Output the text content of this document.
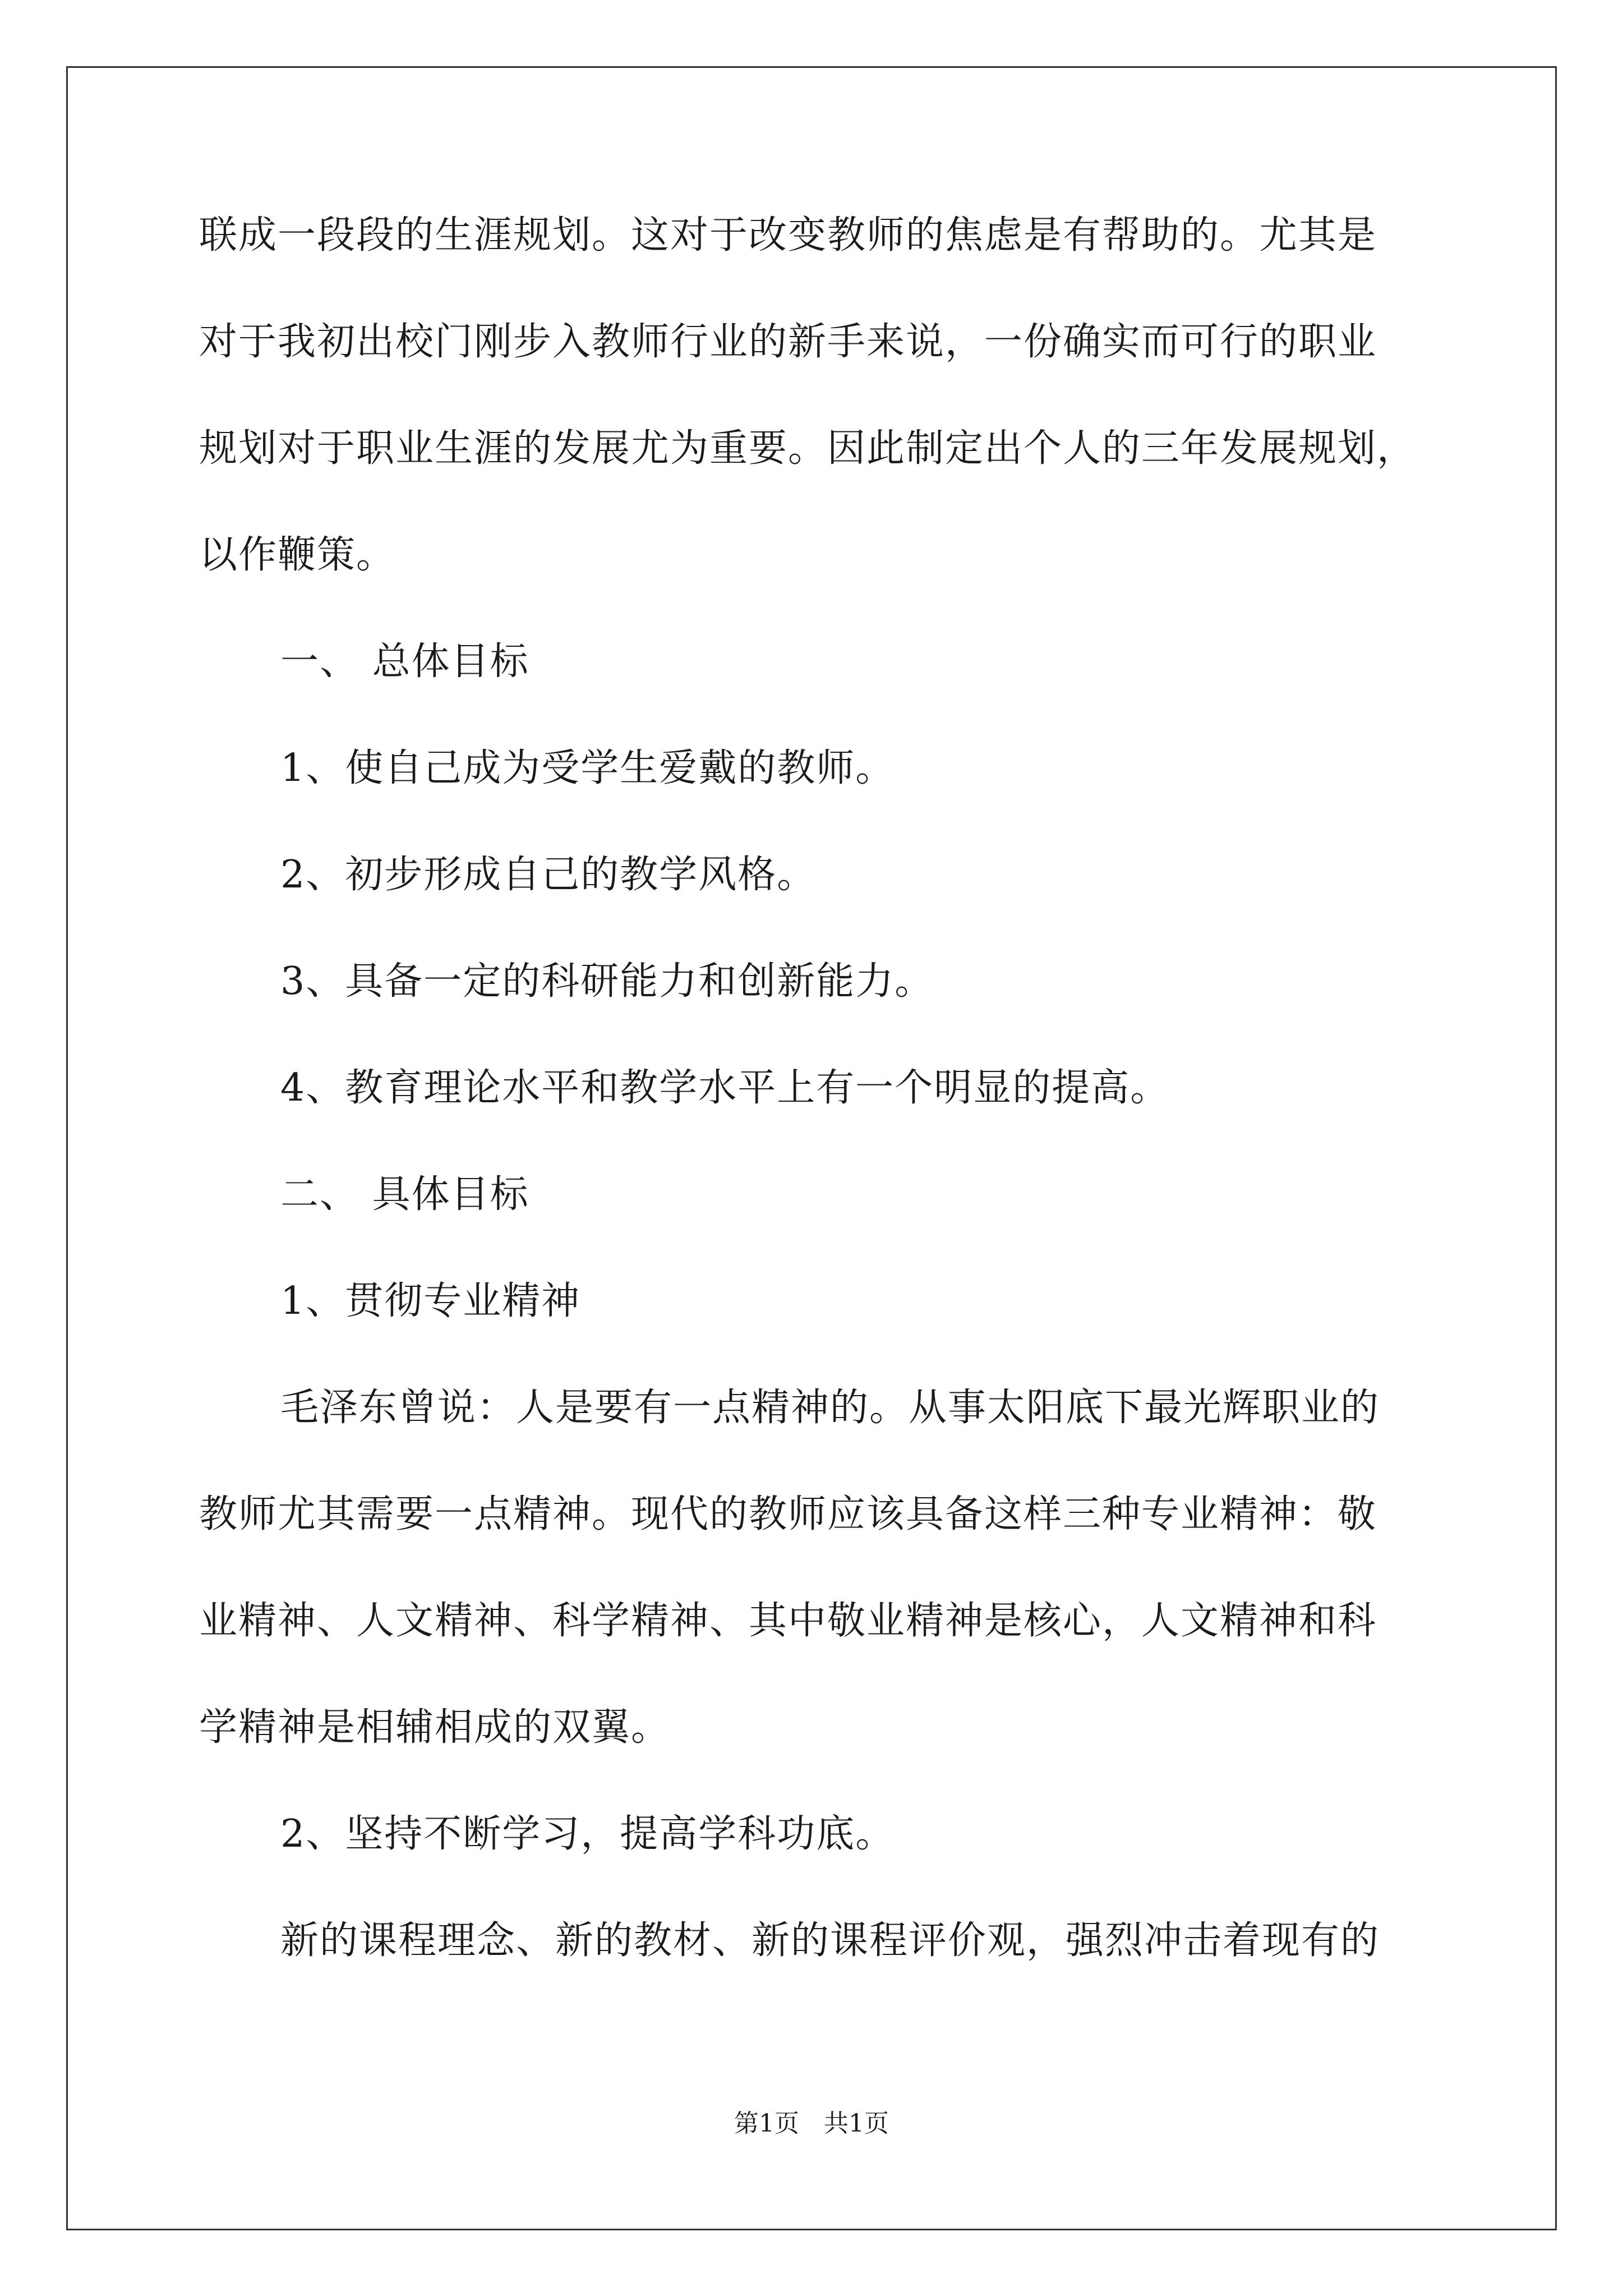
联成一段段的生涯规划。这对于改变教师的焦虑是有帮助的。尤其是
对于我初出校门刚步入教师行业的新手来说，一份确实而可行的职业
规划对于职业生涯的发展尤为重要。因此制定出个人的三年发展规划，
以作鞭策。
一、 总体目标
1、使自己成为受学生爱戴的教师。
2、初步形成自己的教学风格。
3、具备一定的科研能力和创新能力。
4、教育理论水平和教学水平上有一个明显的提高。
二、 具体目标
1、贯彻专业精神
毛泽东曾说：人是要有一点精神的。从事太阳底下最光辉职业的
教师尤其需要一点精神。现代的教师应该具备这样三种专业精神：敬
业精神、人文精神、科学精神、其中敬业精神是核心，人文精神和科
学精神是相辅相成的双翼。
2、坚持不断学习，提高学科功底。
新的课程理念、新的教材、新的课程评价观，强烈冲击着现有的
第1页　共1页
